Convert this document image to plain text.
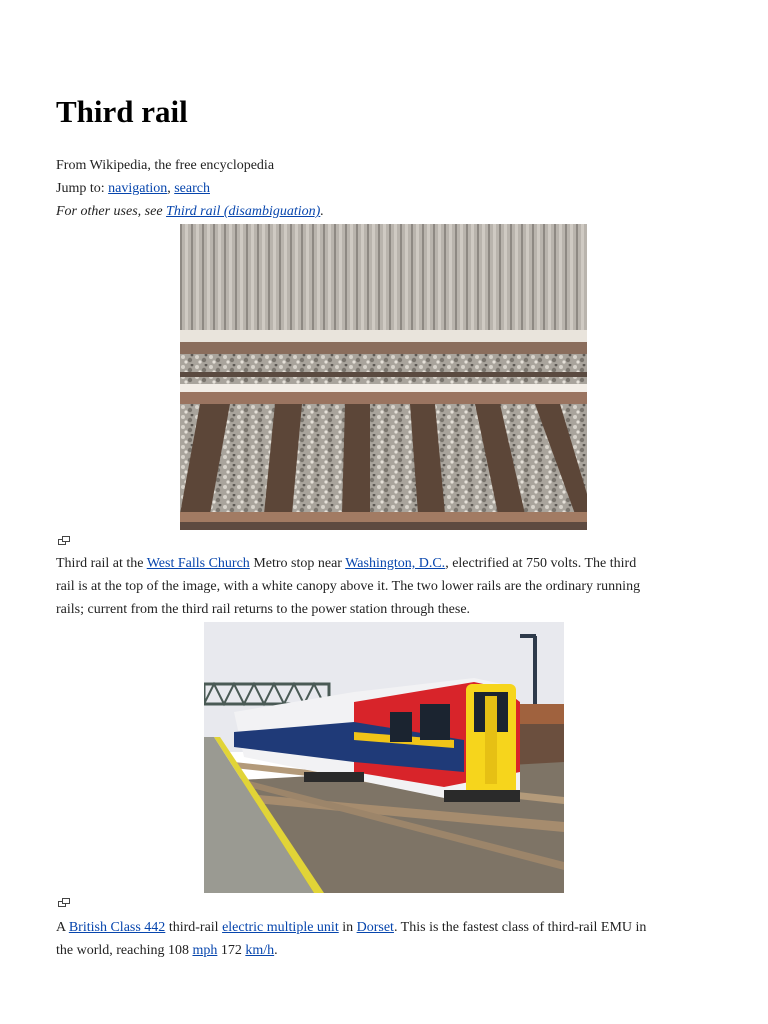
Third rail
From Wikipedia, the free encyclopedia
Jump to: navigation, search
For other uses, see Third rail (disambiguation).
Third rail at the West Falls Church Metro stop near Washington, D.C., electrified at 750 volts. The third
rail is at the top of the image, with a white canopy above it. The two lower rails are the ordinary running
rails; current from the third rail returns to the power station through these.
A British Class 442 third-rail electric multiple unit in Dorset. This is the fastest class of third-rail EMU in
the world, reaching 108 mph 172 km/h.
